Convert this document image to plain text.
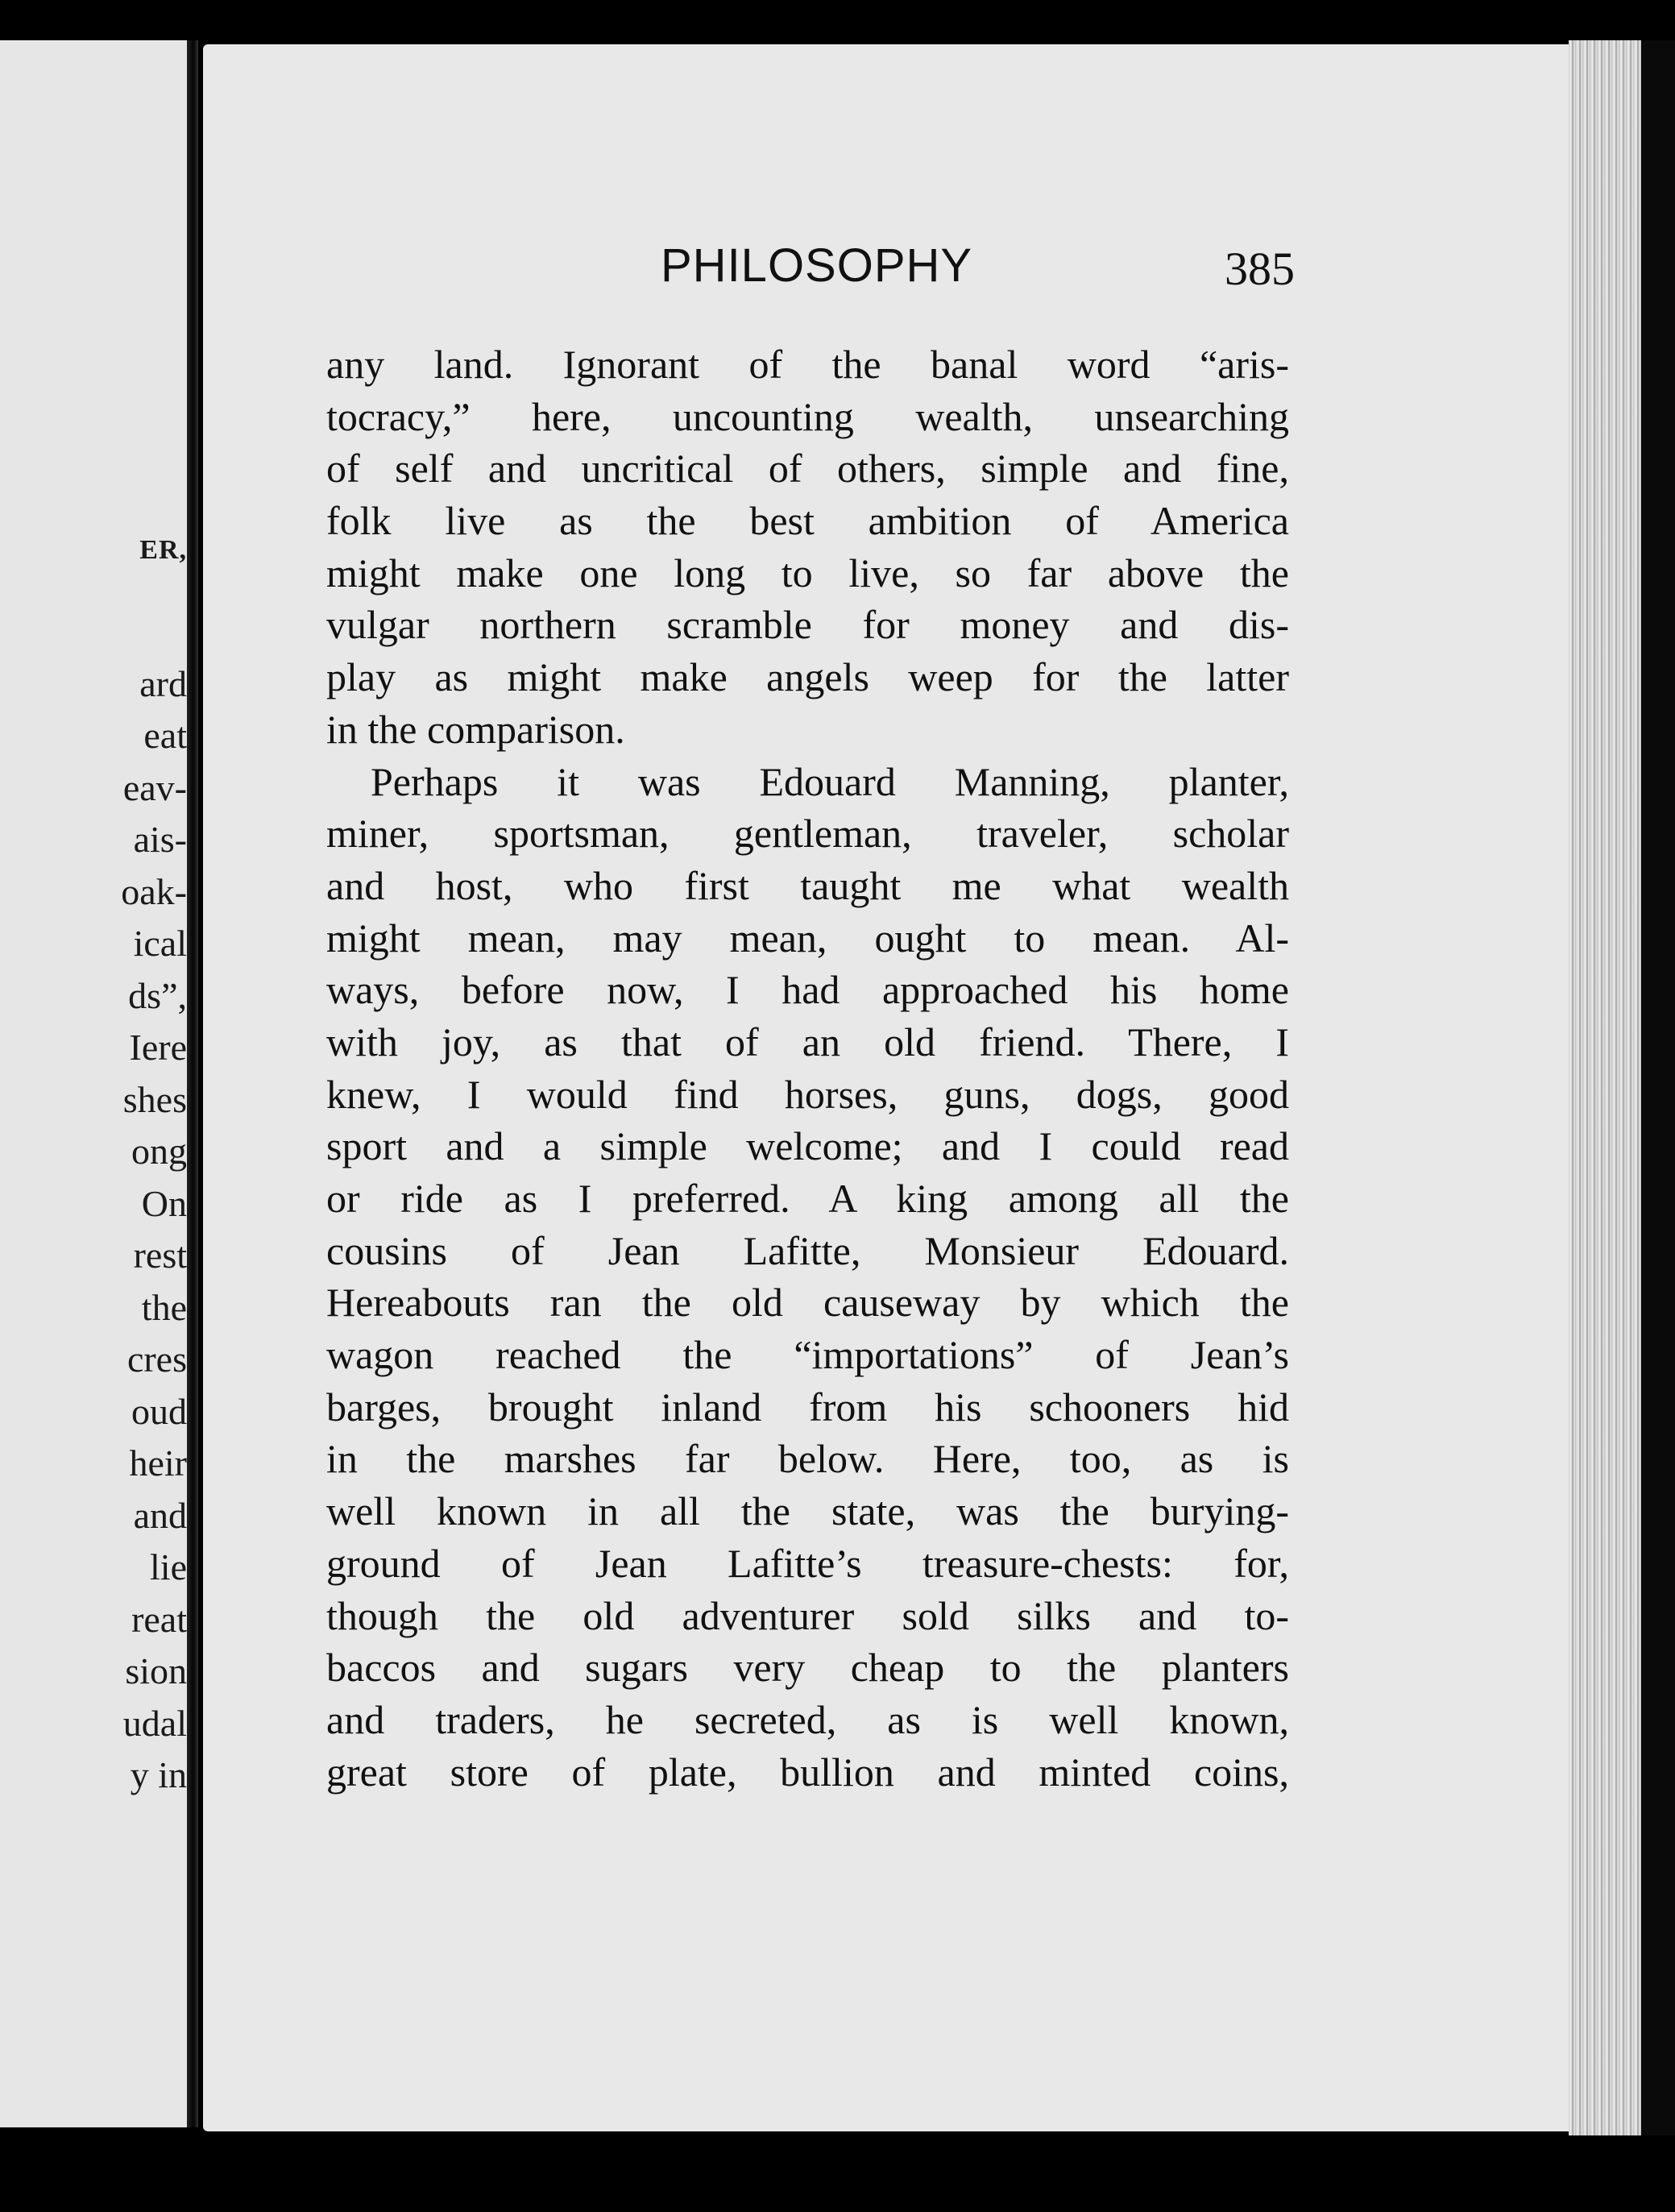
ER,
ard
eat
eav-
ais-
oak-
ical
ds”,
Iere
shes
ong
On
rest
the
cres
oud
heir
and
lie
reat
sion
udal
y in
PHILOSOPHY	385
any land. Ignorant of the banal word “aris-
tocracy,” here, uncounting wealth, unsearching
of self and uncritical of others, simple and fine,
folk live as the best ambition of America
might make one long to live, so far above the
vulgar northern scramble for money and dis-
play as might make angels weep for the latter
in the comparison.
Perhaps it was Edouard Manning, planter,
miner, sportsman, gentleman, traveler, scholar
and host, who first taught me what wealth
might mean, may mean, ought to mean. Al-
ways, before now, I had approached his home
with joy, as that of an old friend. There, I
knew, I would find horses, guns, dogs, good
sport and a simple welcome; and I could read
or ride as I preferred. A king among all the
cousins of Jean Lafitte, Monsieur Edouard.
Hereabouts ran the old causeway by which the
wagon reached the “importations” of Jean’s
barges, brought inland from his schooners hid
in the marshes far below. Here, too, as is
well known in all the state, was the burying-
ground of Jean Lafitte’s treasure-chests: for,
though the old adventurer sold silks and to-
baccos and sugars very cheap to the planters
and traders, he secreted, as is well known,
great store of plate, bullion and minted coins,
